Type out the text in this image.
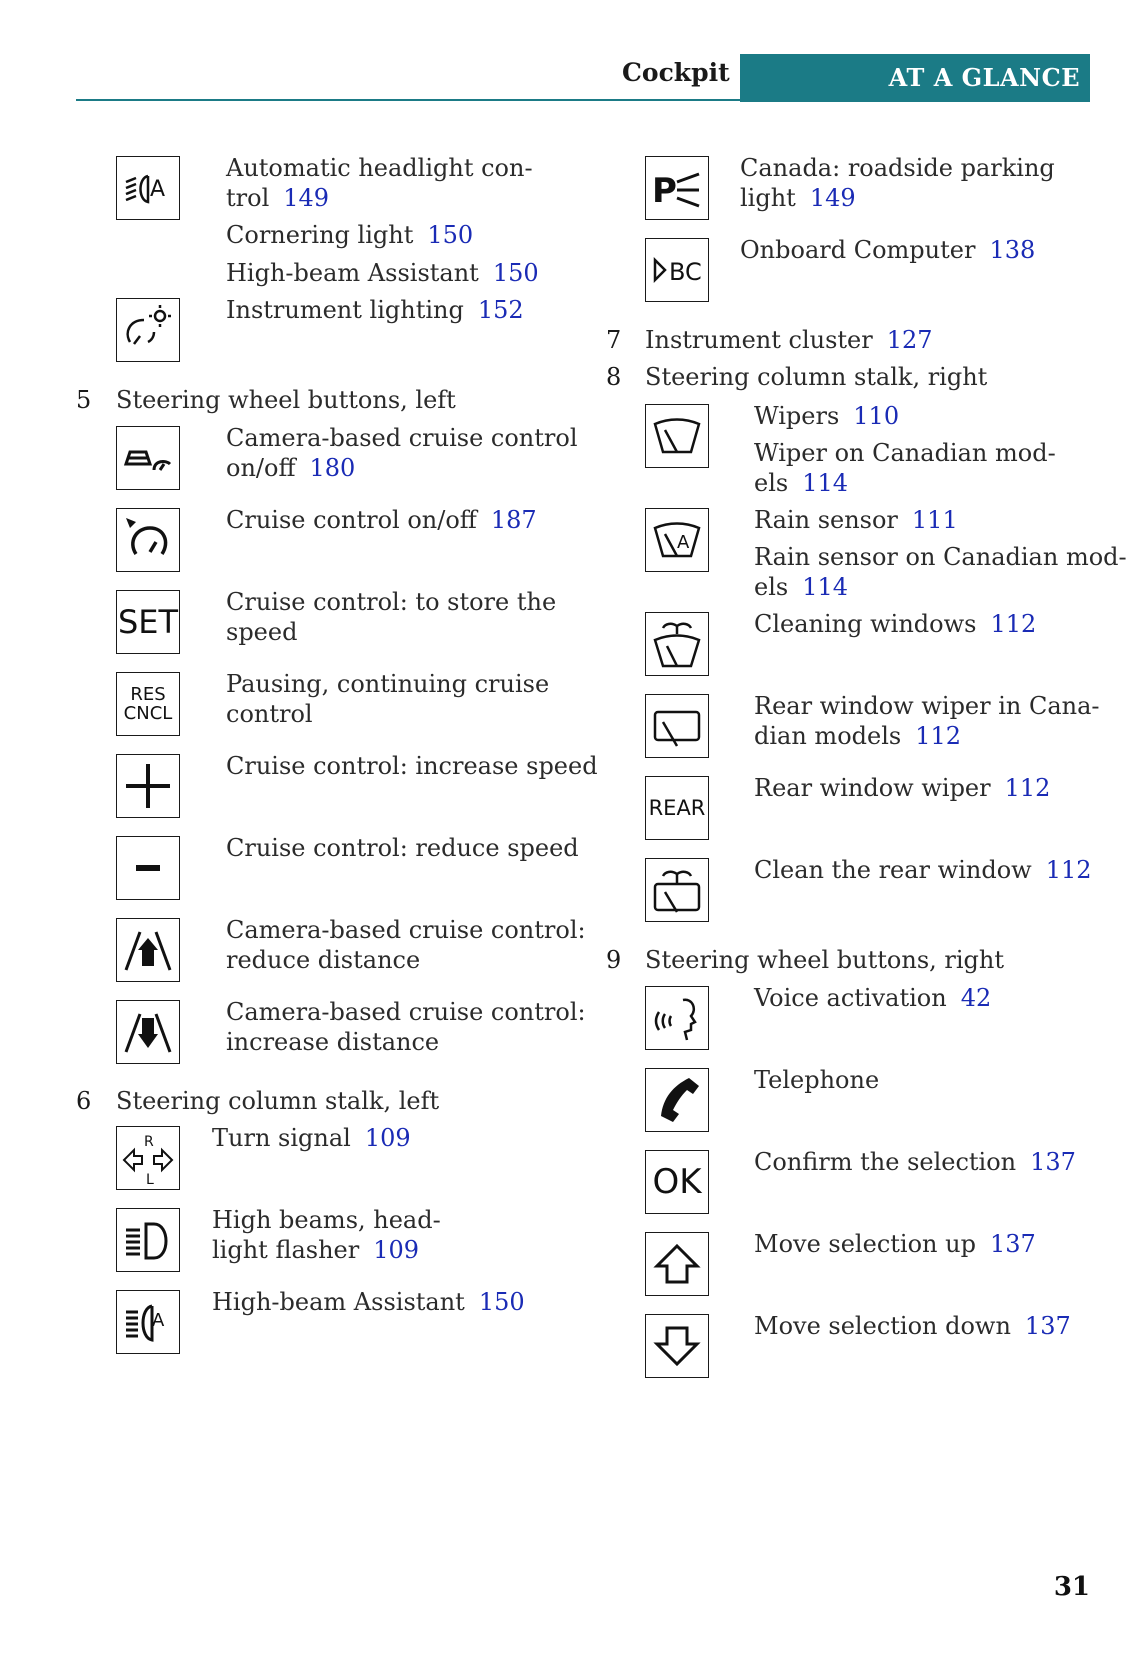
Cockpit	AT A GLANCE
A
Automatic headlight con-
trol 149
Cornering light 150
High-beam Assistant 150
Instrument lighting 152
5 Steering wheel buttons, left
Camera-based cruise control
on/off 180
Cruise control on/off 187
SET
Cruise control: to store the
speed
RES
CNCL
Pausing, continuing cruise
control
Cruise control: increase speed
Cruise control: reduce speed
Camera-based cruise control:
reduce distance
Camera-based cruise control:
increase distance
6 Steering column stalk, left
R
L
Turn signal 109
High beams, head-
light flasher 109
A
High-beam Assistant 150
P
Canada: roadside parking
light 149
BC
Onboard Computer 138
7 Instrument cluster 127
8 Steering column stalk, right
Wipers 110
Wiper on Canadian mod-
els 114
A
Rain sensor 111
Rain sensor on Canadian mod-
els 114
Cleaning windows 112
Rear window wiper in Cana-
dian models 112
REAR
Rear window wiper 112
Clean the rear window 112
9 Steering wheel buttons, right
Voice activation 42
Telephone
OK Confirm the selection 137
Move selection up 137
Move selection down 137
31
